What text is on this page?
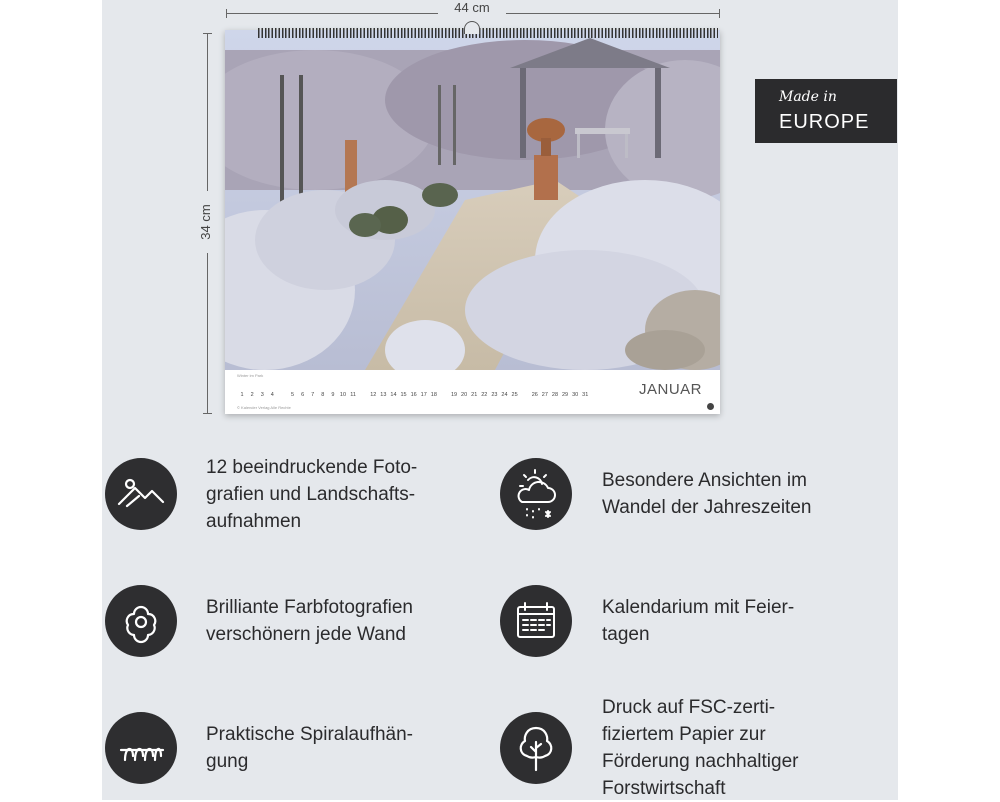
44 cm
34 cm
Winter im Park
JANUAR
1	2	3	4	5	6	7	8	9	10 11	12 13 14 15 16 17 18	19 20 21 22 23 24 25	26 27 28 29 30 31
© Kalender Verlag Alle Rechte
Made in
EUROPE
12 beeindruckende Foto-
grafien und Landschafts-
aufnahmen
Besondere Ansichten im
Wandel der Jahreszeiten
Brilliante Farbfotografien
verschönern jede Wand
Kalendarium mit Feier-
tagen
Praktische Spiralaufhän-
gung
Druck auf FSC-zerti-
fiziertem Papier zur
Förderung nachhaltiger
Forstwirtschaft
